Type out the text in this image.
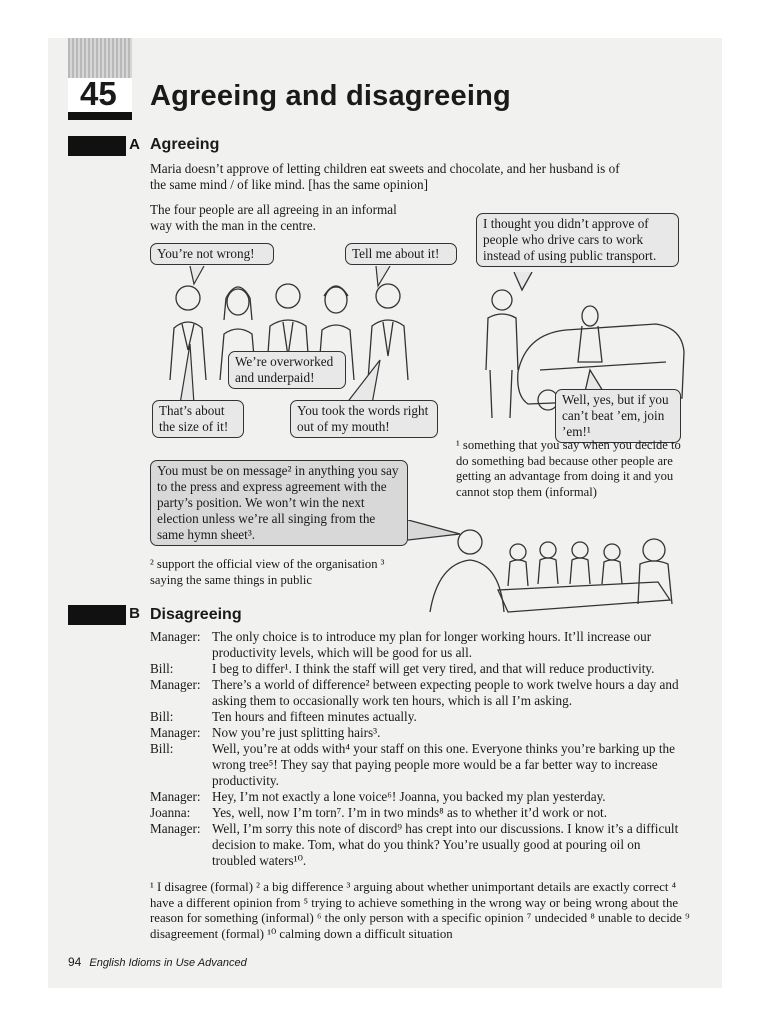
45 Agreeing and disagreeing
A Agreeing
Maria doesn’t approve of letting children eat sweets and chocolate, and her husband is of
the same mind / of like mind. [has the same opinion]
The four people are all agreeing in an informal
way with the man in the centre.
You’re not wrong!	Tell me about it!
I thought you didn’t approve of people who drive cars to work instead of using public transport.
We’re overworked and underpaid!
That’s about the size of it!
You took the words right out of my mouth!
Well, yes, but if you can’t beat ’em, join ’em!¹
¹ something that you say when you decide to do something bad because other people are getting an advantage from doing it and you cannot stop them (informal)
You must be on message² in anything you say to the press and express agreement with the party’s position. We won’t win the next election unless we’re all singing from the same hymn sheet³.
² support the official view of the organisation ³ saying the same things in public
B Disagreeing
Manager: The only choice is to introduce my plan for longer working hours. It’ll increase our productivity levels, which will be good for us all.
Bill:	I beg to differ¹. I think the staff will get very tired, and that will reduce productivity.
Manager: There’s a world of difference² between expecting people to work twelve hours a day and asking them to occasionally work ten hours, which is all I’m asking.
Bill:	Ten hours and fifteen minutes actually.
Manager: Now you’re just splitting hairs³.
Bill:	Well, you’re at odds with⁴ your staff on this one. Everyone thinks you’re barking up the wrong tree⁵! They say that paying people more would be a far better way to increase productivity.
Manager: Hey, I’m not exactly a lone voice⁶! Joanna, you backed my plan yesterday.
Joanna:	Yes, well, now I’m torn⁷. I’m in two minds⁸ as to whether it’d work or not.
Manager: Well, I’m sorry this note of discord⁹ has crept into our discussions. I know it’s a difficult decision to make. Tom, what do you think? You’re usually good at pouring oil on troubled waters¹⁰.
¹ I disagree (formal) ² a big difference ³ arguing about whether unimportant details are exactly correct ⁴ have a different opinion from ⁵ trying to achieve something in the wrong way or being wrong about the reason for something (informal) ⁶ the only person with a specific opinion ⁷ undecided ⁸ unable to decide ⁹ disagreement (formal) ¹⁰ calming down a difficult situation
94 English Idioms in Use Advanced
